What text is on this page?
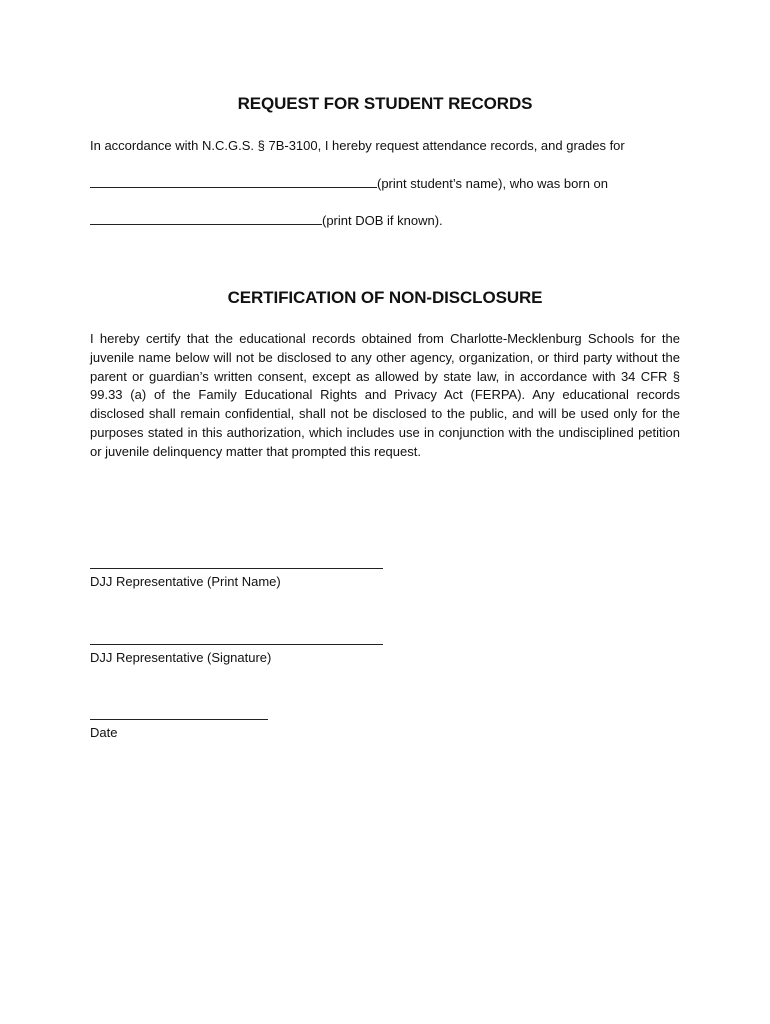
REQUEST FOR STUDENT RECORDS
In accordance with N.C.G.S. § 7B-3100, I hereby request attendance records, and grades for
(print student’s name), who was born on
(print DOB if known).
CERTIFICATION OF NON-DISCLOSURE
I hereby certify that the educational records obtained from Charlotte-Mecklenburg Schools for the juvenile name below will not be disclosed to any other agency, organization, or third party without the parent or guardian’s written consent, except as allowed by state law, in accordance with 34 CFR § 99.33 (a) of the Family Educational Rights and Privacy Act (FERPA). Any educational records disclosed shall remain confidential, shall not be disclosed to the public, and will be used only for the purposes stated in this authorization, which includes use in conjunction with the undisciplined petition or juvenile delinquency matter that prompted this request.
DJJ Representative (Print Name)
DJJ Representative (Signature)
Date
